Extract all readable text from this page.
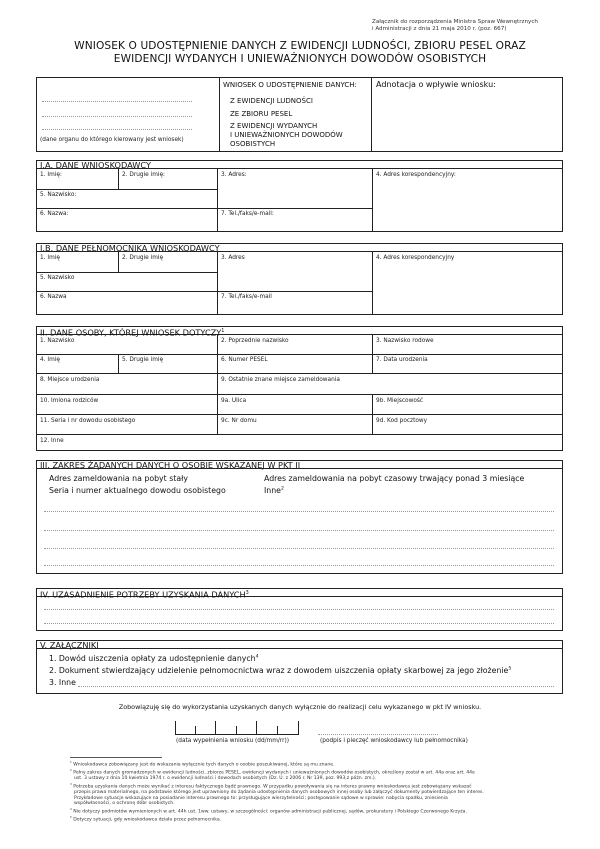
Załącznik do rozporządzenia Ministra Spraw Wewnętrznych
i Administracji z dnia 21 maja 2010 r. (poz. 667)
WNIOSEK O UDOSTĘPNIENIE DANYCH Z EWIDENCJI LUDNOŚCI, ZBIORU PESEL ORAZ
EWIDENCJI WYDANYCH I UNIEWAŻNIONYCH DOWODÓW OSOBISTYCH
(dane organu do którego kierowany jest wniosek)
WNIOSEK O UDOSTĘPNIENIE DANYCH:
Z EWIDENCJI LUDNOŚCI
ZE ZBIORU PESEL
Z EWIDENCJI WYDANYCH
I UNIEWAŻNIONYCH DOWODÓW
OSOBISTYCH
Adnotacja o wpływie wniosku:
I.A. DANE WNIOSKODAWCY
1. Imię:	2. Drugie imię:	3. Adres:	4. Adres korespondencyjny:
5. Nazwisko:
6. Nazwa:	7. Tel./faks/e-mail:
I.B. DANE PEŁNOMOCNIKA WNIOSKODAWCY
1. Imię	2. Drugie imię	3. Adres	4. Adres korespondencyjny
5. Nazwisko
6. Nazwa	7. Tel./faks/e-mail
II. DANE OSOBY, KTÓREJ WNIOSEK DOTYCZY$^1$
1. Nazwisko	2. Poprzednie nazwisko	3. Nazwisko rodowe
4. Imię	5. Drugie imię	6. Numer PESEL	7. Data urodzenia
8. Miejsce urodzenia	9. Ostatnie znane miejsce zameldowania
10. Imiona rodziców	9a. Ulica	9b. Miejscowość
11. Seria i nr dowodu osobistego	9c. Nr domu	9d. Kod pocztowy
12. Inne
III. ZAKRES ŻĄDANYCH DANYCH O OSOBIE WSKAZANEJ W PKT II
Adres zameldowania na pobyt stały	Adres zameldowania na pobyt czasowy trwający ponad 3 miesiące
Seria i numer aktualnego dowodu osobistego	Inne$^2$
IV. UZASADNIENIE POTRZEBY UZYSKANIA DANYCH$^3$
V. ZAŁĄCZNIKI
1. Dowód uiszczenia opłaty za udostępnienie danych$^4$
2. Dokument stwierdzający udzielenie pełnomocnictwa wraz z dowodem uiszczenia opłaty skarbowej za jego złożenie$^5$
3. Inne
Zobowiązuję się do wykorzystania uzyskanych danych wyłącznie do realizacji celu wykazanego w pkt IV wniosku.
(data wypełnienia wniosku (dd/mm/rr))	(podpis i pieczęć wnioskodawcy lub pełnomocnika)
$^1$ Wnioskodawca zobowiązany jest do wskazania wyłącznie tych danych o osobie poszukiwanej, które są mu znane.
$^2$ Pełny zakres danych gromadzonych w ewidencji ludności, zbiorze PESEL, ewidencji wydanych i unieważnionych dowodów osobistych, określony został w art. 44a oraz art. 44e
ust. 3 ustawy z dnia 10 kwietnia 1974 r. o ewidencji ludności i dowodach osobistych (Dz. U. z 2006 r. Nr 139, poz. 993,z późn. zm.).
$^3$ Potrzeba uzyskania danych może wynikać z interesu faktycznego bądź prawnego. W przypadku powoływania się na interes prawny wnioskodawca jest zobowiązany wskazać
przepis prawa materialnego, na podstawie którego jest uprawniony do żądania udostępnienia danych osobowych innej osoby lub załączyć dokumenty potwierdzające ten interes.
Przykładowe sytuacje wskazujące na posiadanie interesu prawnego to: przysługujące wierzytelności; postępowanie sądowe w sprawie: nabycia spadku, zniesienia
współwłasności, o ochronę dóbr osobistych.
$^4$ Nie dotyczy podmiotów wymienionych w art. 44h ust. 1ww. ustawy, w szczególności: organów administracji publicznej, sądów, prokuratury i Polskiego Czerwonego Krzyża.
$^5$ Dotyczy sytuacji, gdy wnioskodawca działa przez pełnomocnika.
